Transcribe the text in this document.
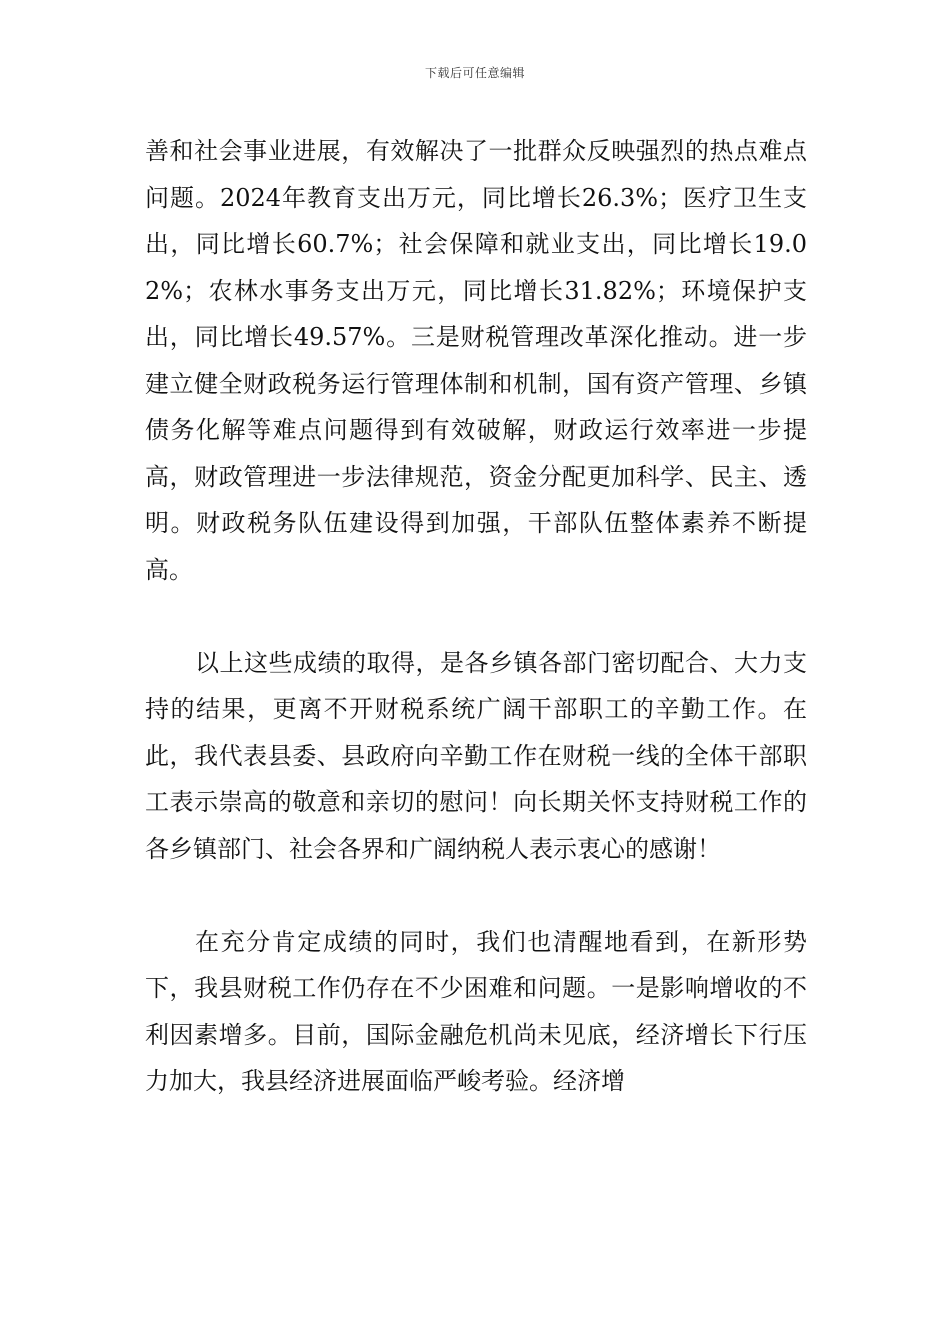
下载后可任意编辑

善和社会事业进展，有效解决了一批群众反映强烈的热点难点问题。2024年教育支出万元，同比增长26.3%；医疗卫生支出，同比增长60.7%；社会保障和就业支出，同比增长19.02%；农林水事务支出万元，同比增长31.82%；环境保护支出，同比增长49.57%。三是财税管理改革深化推动。进一步建立健全财政税务运行管理体制和机制，国有资产管理、乡镇债务化解等难点问题得到有效破解，财政运行效率进一步提高，财政管理进一步法律规范，资金分配更加科学、民主、透明。财政税务队伍建设得到加强，干部队伍整体素养不断提高。

以上这些成绩的取得，是各乡镇各部门密切配合、大力支持的结果，更离不开财税系统广阔干部职工的辛勤工作。在此，我代表县委、县政府向辛勤工作在财税一线的全体干部职工表示崇高的敬意和亲切的慰问！向长期关怀支持财税工作的各乡镇部门、社会各界和广阔纳税人表示衷心的感谢！

在充分肯定成绩的同时，我们也清醒地看到，在新形势下，我县财税工作仍存在不少困难和问题。一是影响增收的不利因素增多。目前，国际金融危机尚未见底，经济增长下行压力加大，我县经济进展面临严峻考验。经济增
